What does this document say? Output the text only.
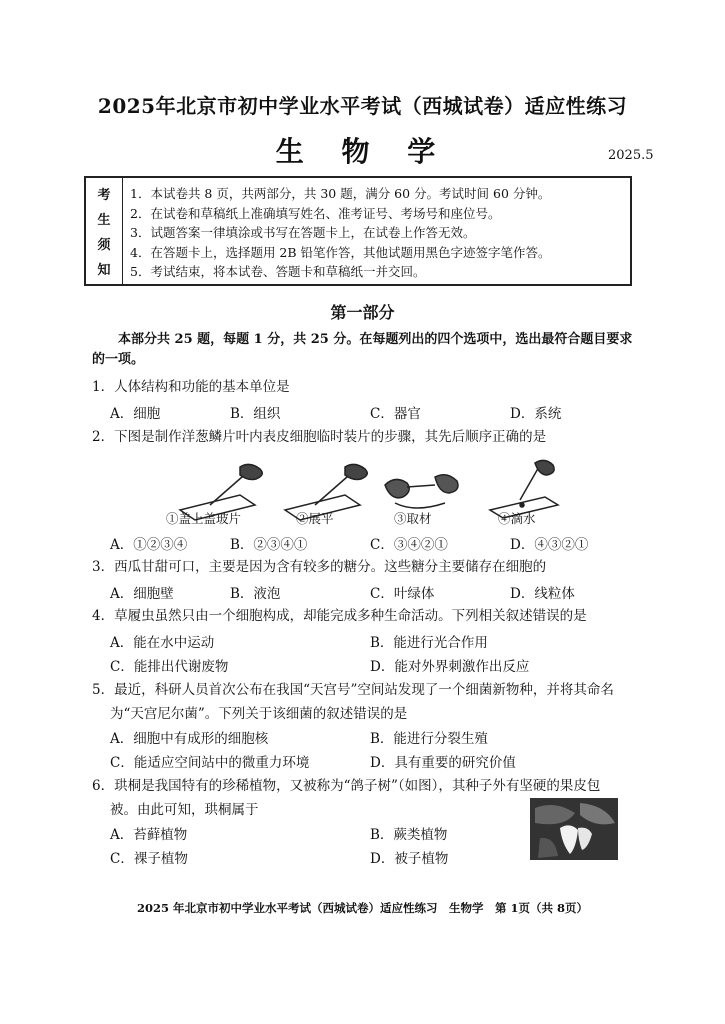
2025年北京市初中学业水平考试（西城试卷）适应性练习
生 物 学	2025.5
考
生
须
知
1．本试卷共 8 页，共两部分，共 30 题，满分 60 分。考试时间 60 分钟。
2．在试卷和草稿纸上准确填写姓名、准考证号、考场号和座位号。
3．试题答案一律填涂或书写在答题卡上，在试卷上作答无效。
4．在答题卡上，选择题用 2B 铅笔作答，其他试题用黑色字迹签字笔作答。
5．考试结束，将本试卷、答题卡和草稿纸一并交回。
第一部分
本部分共 25 题，每题 1 分，共 25 分。在每题列出的四个选项中，选出最符合题目要求的一项。
1．人体结构和功能的基本单位是
A．细胞	B．组织	C．器官	D．系统
2．下图是制作洋葱鳞片叶内表皮细胞临时装片的步骤，其先后顺序正确的是
①盖上盖玻片	②展平	③取材	④滴水
A．①②③④	B．②③④①	C．③④②①	D．④③②①
3．西瓜甘甜可口，主要是因为含有较多的糖分。这些糖分主要储存在细胞的
A．细胞壁	B．液泡	C．叶绿体	D．线粒体
4．草履虫虽然只由一个细胞构成，却能完成多种生命活动。下列相关叙述错误的是
A．能在水中运动	B．能进行光合作用
C．能排出代谢废物	D．能对外界刺激作出反应
5．最近，科研人员首次公布在我国“天宫号”空间站发现了一个细菌新物种，并将其命名
为“天宫尼尔菌”。下列关于该细菌的叙述错误的是
A．细胞中有成形的细胞核	B．能进行分裂生殖
C．能适应空间站中的微重力环境	D．具有重要的研究价值
6．珙桐是我国特有的珍稀植物，又被称为“鸽子树”（如图），其种子外有坚硬的果皮包
被。由此可知，珙桐属于
A．苔藓植物	B．蕨类植物
C．裸子植物	D．被子植物
2025 年北京市初中学业水平考试（西城试卷）适应性练习　生物学　第 1页（共 8页）
